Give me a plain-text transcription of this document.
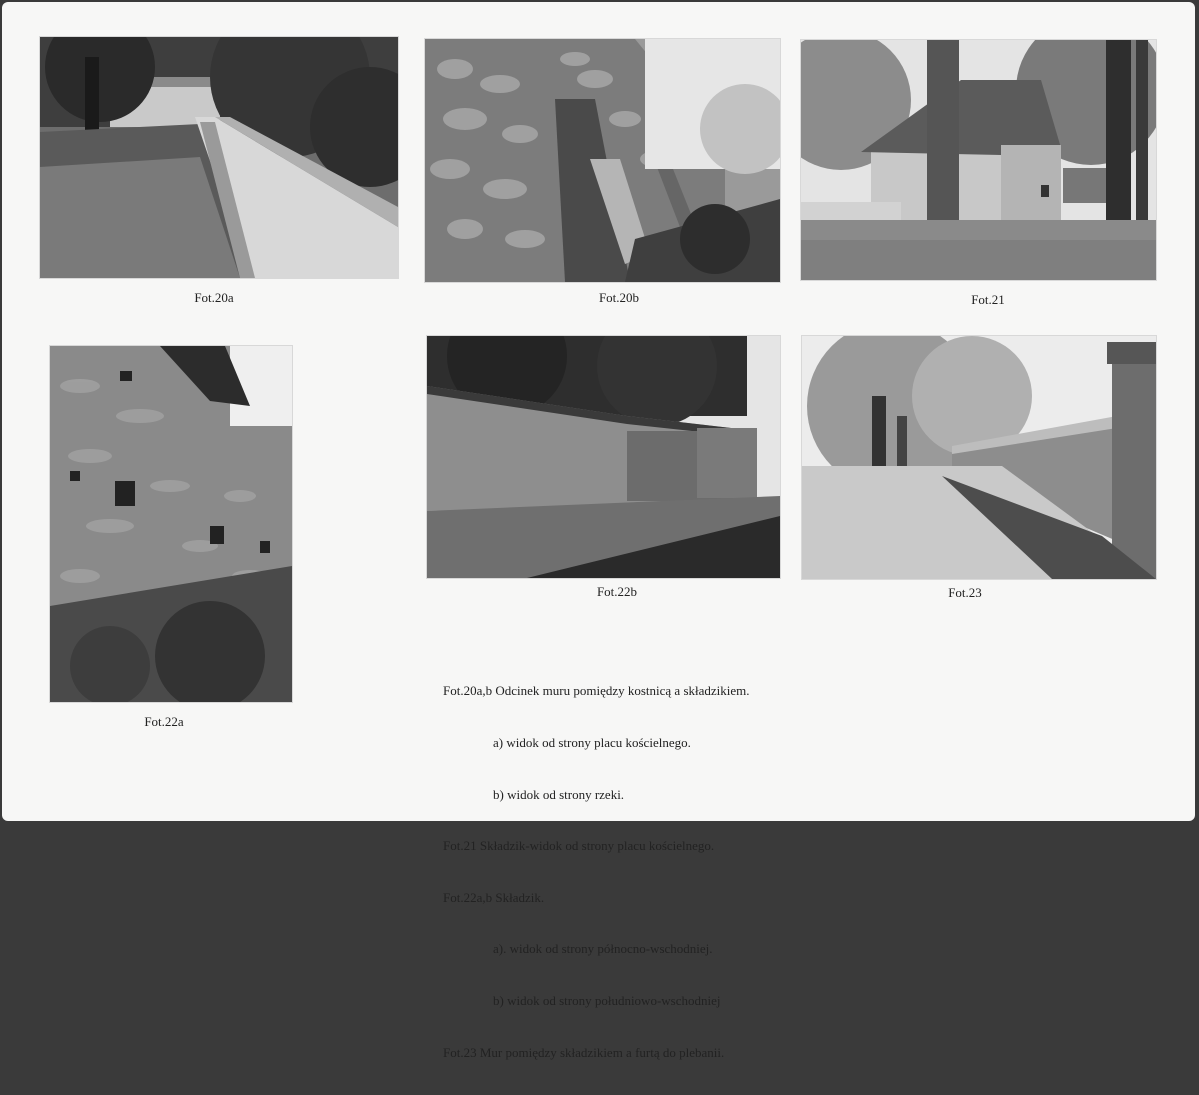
Fot.20a	Fot.20b	Fot.21
Fot.22a
Fot.22b	Fot.23

Fot.20a,b Odcinek muru pomiędzy kostnicą a składzikiem.

a) widok od strony placu kościelnego.

b) widok od strony rzeki.

Fot.21 Składzik-widok od strony placu kościelnego.

Fot.22a,b Składzik.

a). widok od strony północno-wschodniej.

b) widok od strony południowo-wschodniej

Fot.23 Mur pomiędzy składzikiem a furtą do plebanii.
